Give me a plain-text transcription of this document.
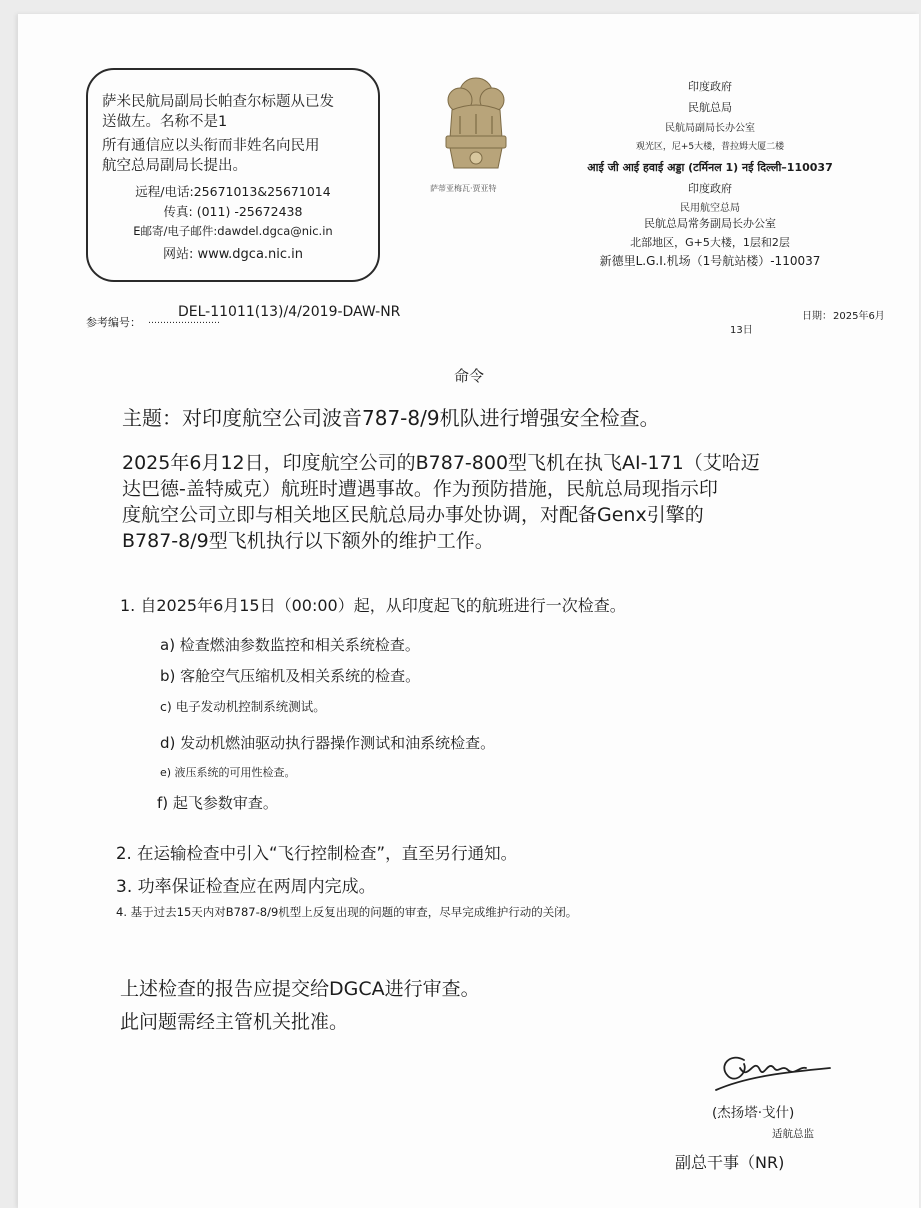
萨米民航局副局长帕查尔标题从已发
送做左。名称不是1
所有通信应以头衔而非姓名向民用
航空总局副局长提出。
远程/电话:25671013&25671014
传真: (011) -25672438
E邮寄/电子邮件:dawdel.dgca@nic.in
网站: www.dgca.nic.in
萨蒂亚梅瓦·贾亚特
印度政府
民航总局
民航局副局长办公室
观光区，尼+5大楼，普拉姆大厦二楼
आई जी आई हवाई अड्डा (टर्मिनल 1) नई दिल्ली–110037
印度政府
民用航空总局
民航总局常务副局长办公室
北部地区，G+5大楼，1层和2层
新德里L.G.I.机场（1号航站楼）-110037
参考编号： ……………………
DEL-11011(13)/4/2019-DAW-NR	日期： 2025年6月
13日
命令
主题：对印度航空公司波音787-8/9机队进行增强安全检查。
2025年6月12日，印度航空公司的B787-800型飞机在执飞AI-171（艾哈迈
达巴德-盖特威克）航班时遭遇事故。作为预防措施，民航总局现指示印
度航空公司立即与相关地区民航总局办事处协调，对配备Genx引擎的
B787-8/9型飞机执行以下额外的维护工作。
1. 自2025年6月15日（00:00）起，从印度起飞的航班进行一次检查。
a) 检查燃油参数监控和相关系统检查。
b) 客舱空气压缩机及相关系统的检查。
c) 电子发动机控制系统测试。
d) 发动机燃油驱动执行器操作测试和油系统检查。
e) 液压系统的可用性检查。
f) 起飞参数审查。
2. 在运输检查中引入“飞行控制检查”，直至另行通知。
3. 功率保证检查应在两周内完成。
4. 基于过去15天内对B787-8/9机型上反复出现的问题的审查，尽早完成维护行动的关闭。
上述检查的报告应提交给DGCA进行审查。
此问题需经主管机关批准。
(杰扬塔·戈什)
适航总监
副总干事（NR)
